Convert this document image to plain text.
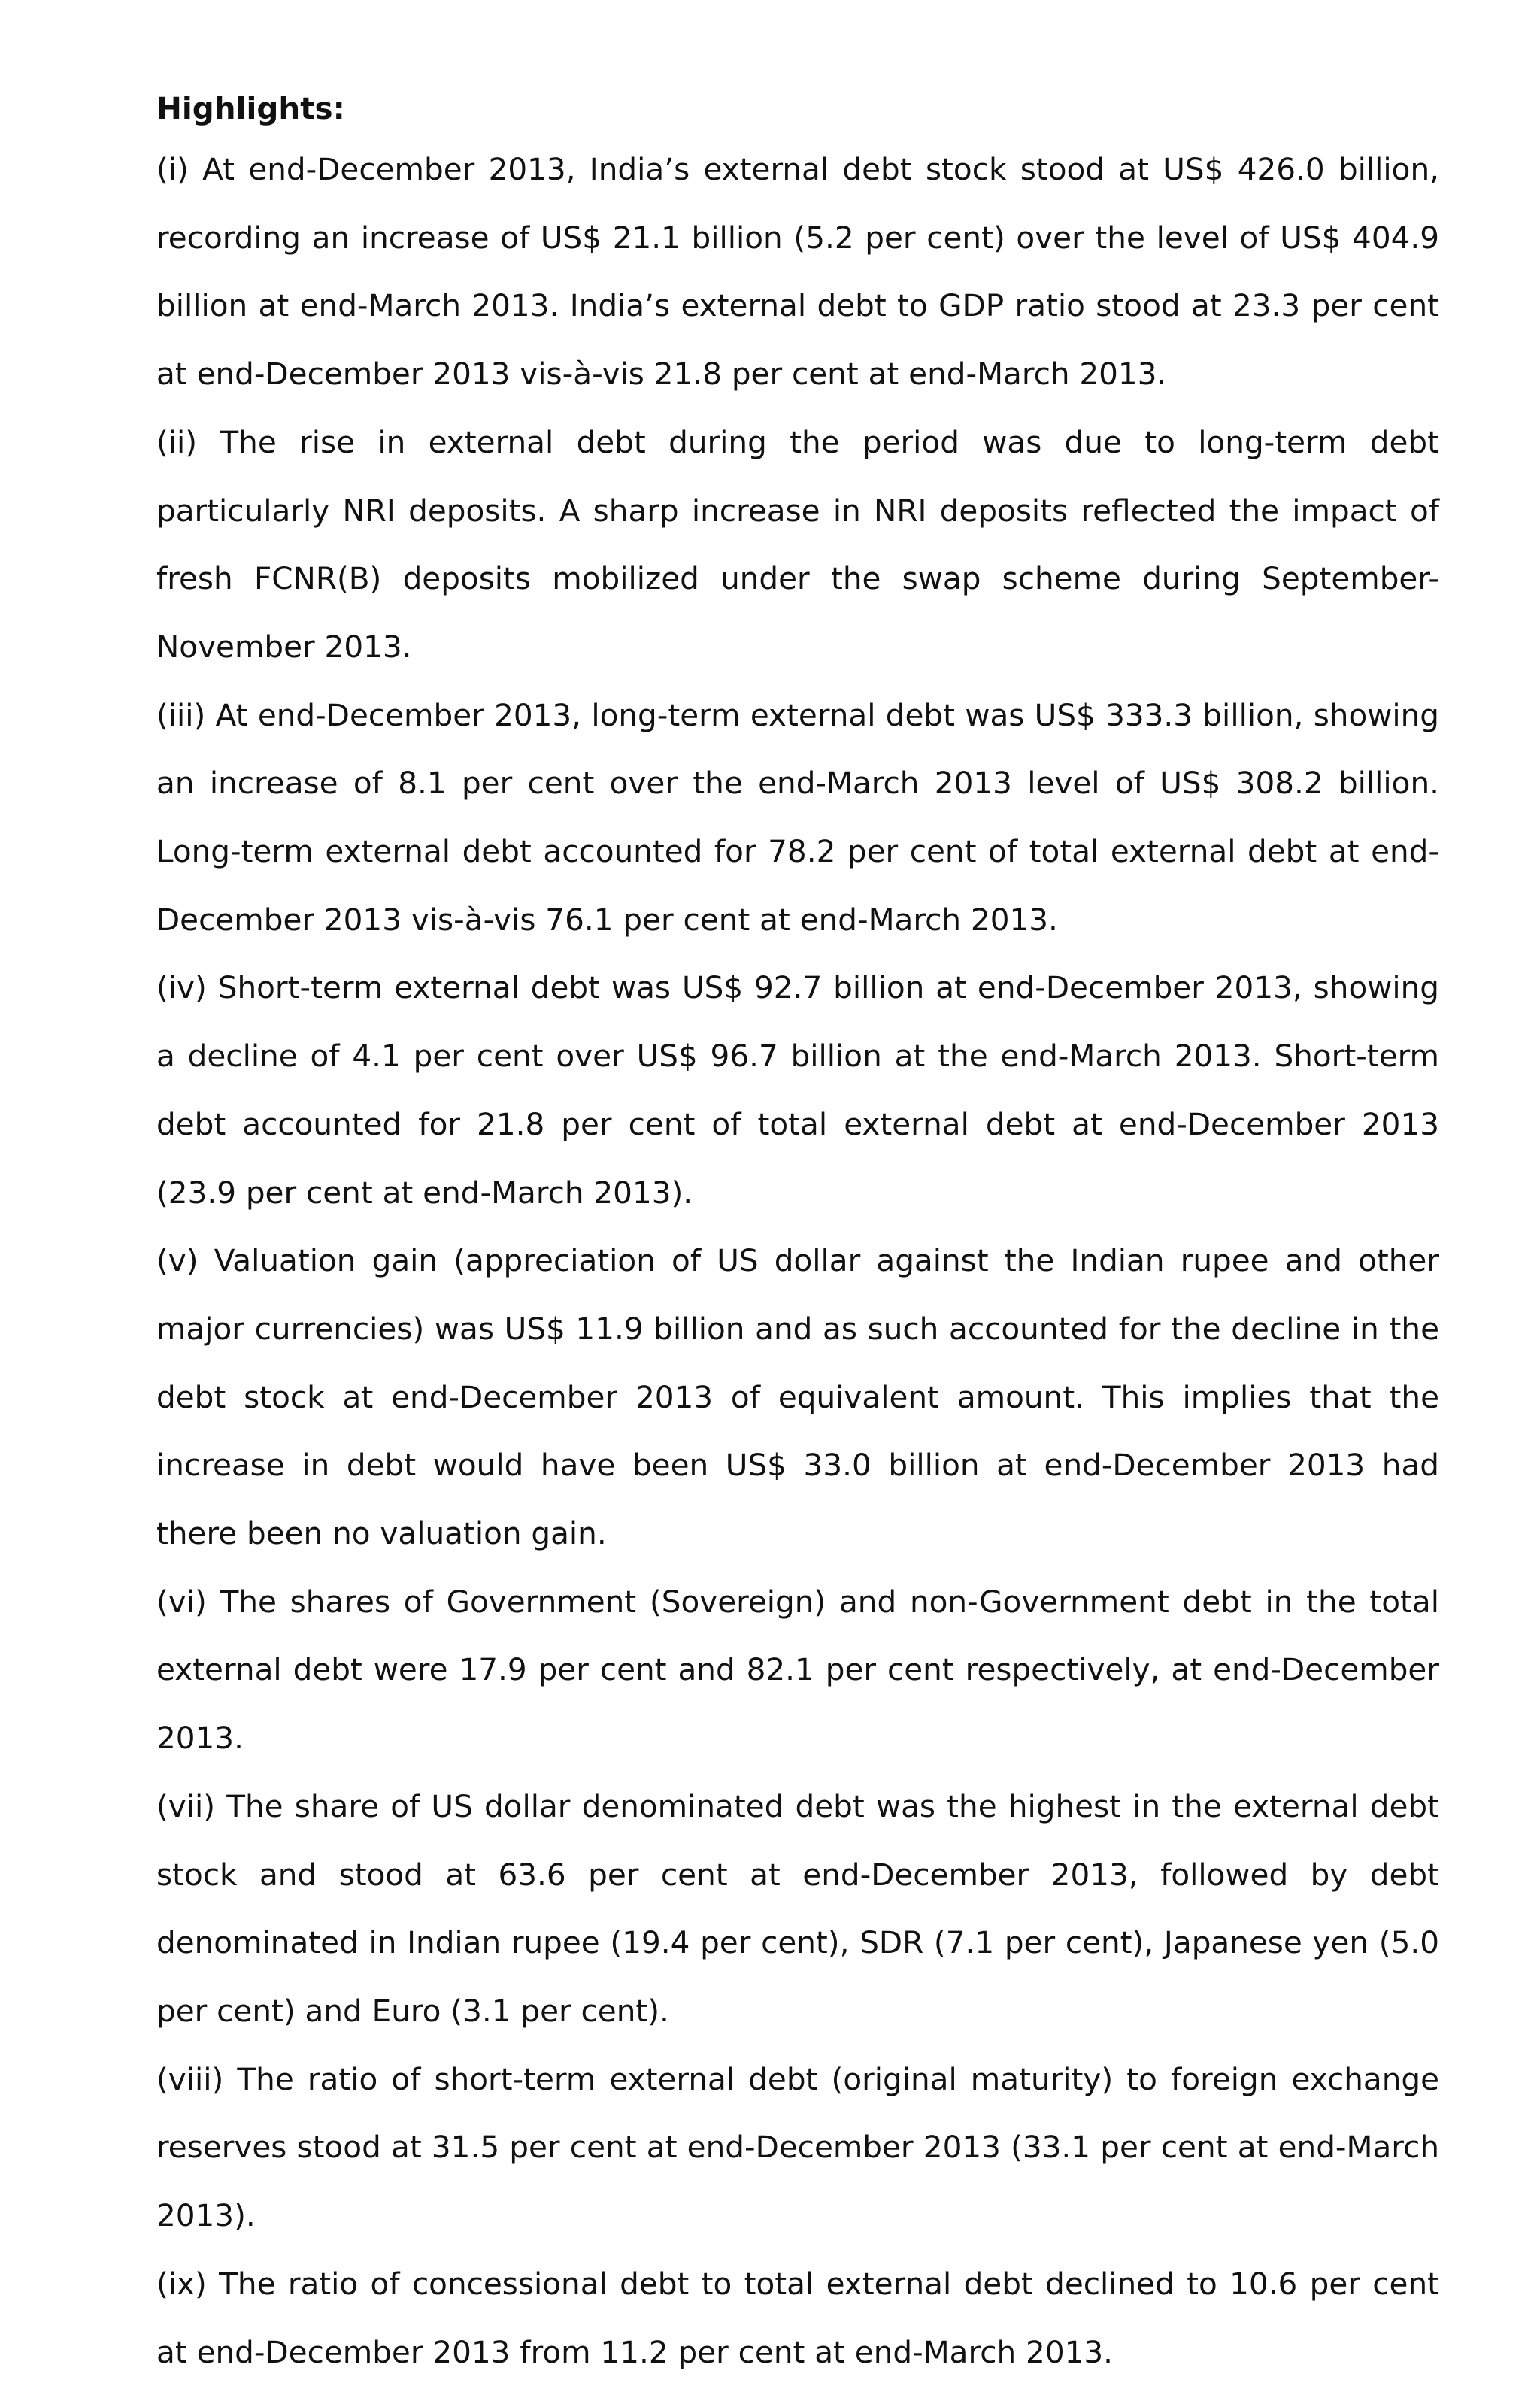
Highlights:

(i) At end-December 2013, India’s external debt stock stood at US$ 426.0 billion, recording an increase of US$ 21.1 billion (5.2 per cent) over the level of US$ 404.9 billion at end-March 2013. India’s external debt to GDP ratio stood at 23.3 per cent at end-December 2013 vis-à-vis 21.8 per cent at end-March 2013.

(ii) The rise in external debt during the period was due to long-term debt particularly NRI deposits. A sharp increase in NRI deposits reflected the impact of fresh FCNR(B) deposits mobilized under the swap scheme during September-November 2013.

(iii) At end-December 2013, long-term external debt was US$ 333.3 billion, showing an increase of 8.1 per cent over the end-March 2013 level of US$ 308.2 billion. Long-term external debt accounted for 78.2 per cent of total external debt at end-December 2013 vis-à-vis 76.1 per cent at end-March 2013.

(iv) Short-term external debt was US$ 92.7 billion at end-December 2013, showing a decline of 4.1 per cent over US$ 96.7 billion at the end-March 2013. Short-term debt accounted for 21.8 per cent of total external debt at end-December 2013 (23.9 per cent at end-March 2013).

(v) Valuation gain (appreciation of US dollar against the Indian rupee and other major currencies) was US$ 11.9 billion and as such accounted for the decline in the debt stock at end-December 2013 of equivalent amount. This implies that the increase in debt would have been US$ 33.0 billion at end-December 2013 had there been no valuation gain.

(vi) The shares of Government (Sovereign) and non-Government debt in the total external debt were 17.9 per cent and 82.1 per cent respectively, at end-December 2013.

(vii) The share of US dollar denominated debt was the highest in the external debt stock and stood at 63.6 per cent at end-December 2013, followed by debt denominated in Indian rupee (19.4 per cent), SDR (7.1 per cent), Japanese yen (5.0 per cent) and Euro (3.1 per cent).

(viii) The ratio of short-term external debt (original maturity) to foreign exchange reserves stood at 31.5 per cent at end-December 2013 (33.1 per cent at end-March 2013).

(ix) The ratio of concessional debt to total external debt declined to 10.6 per cent at end-December 2013 from 11.2 per cent at end-March 2013.
